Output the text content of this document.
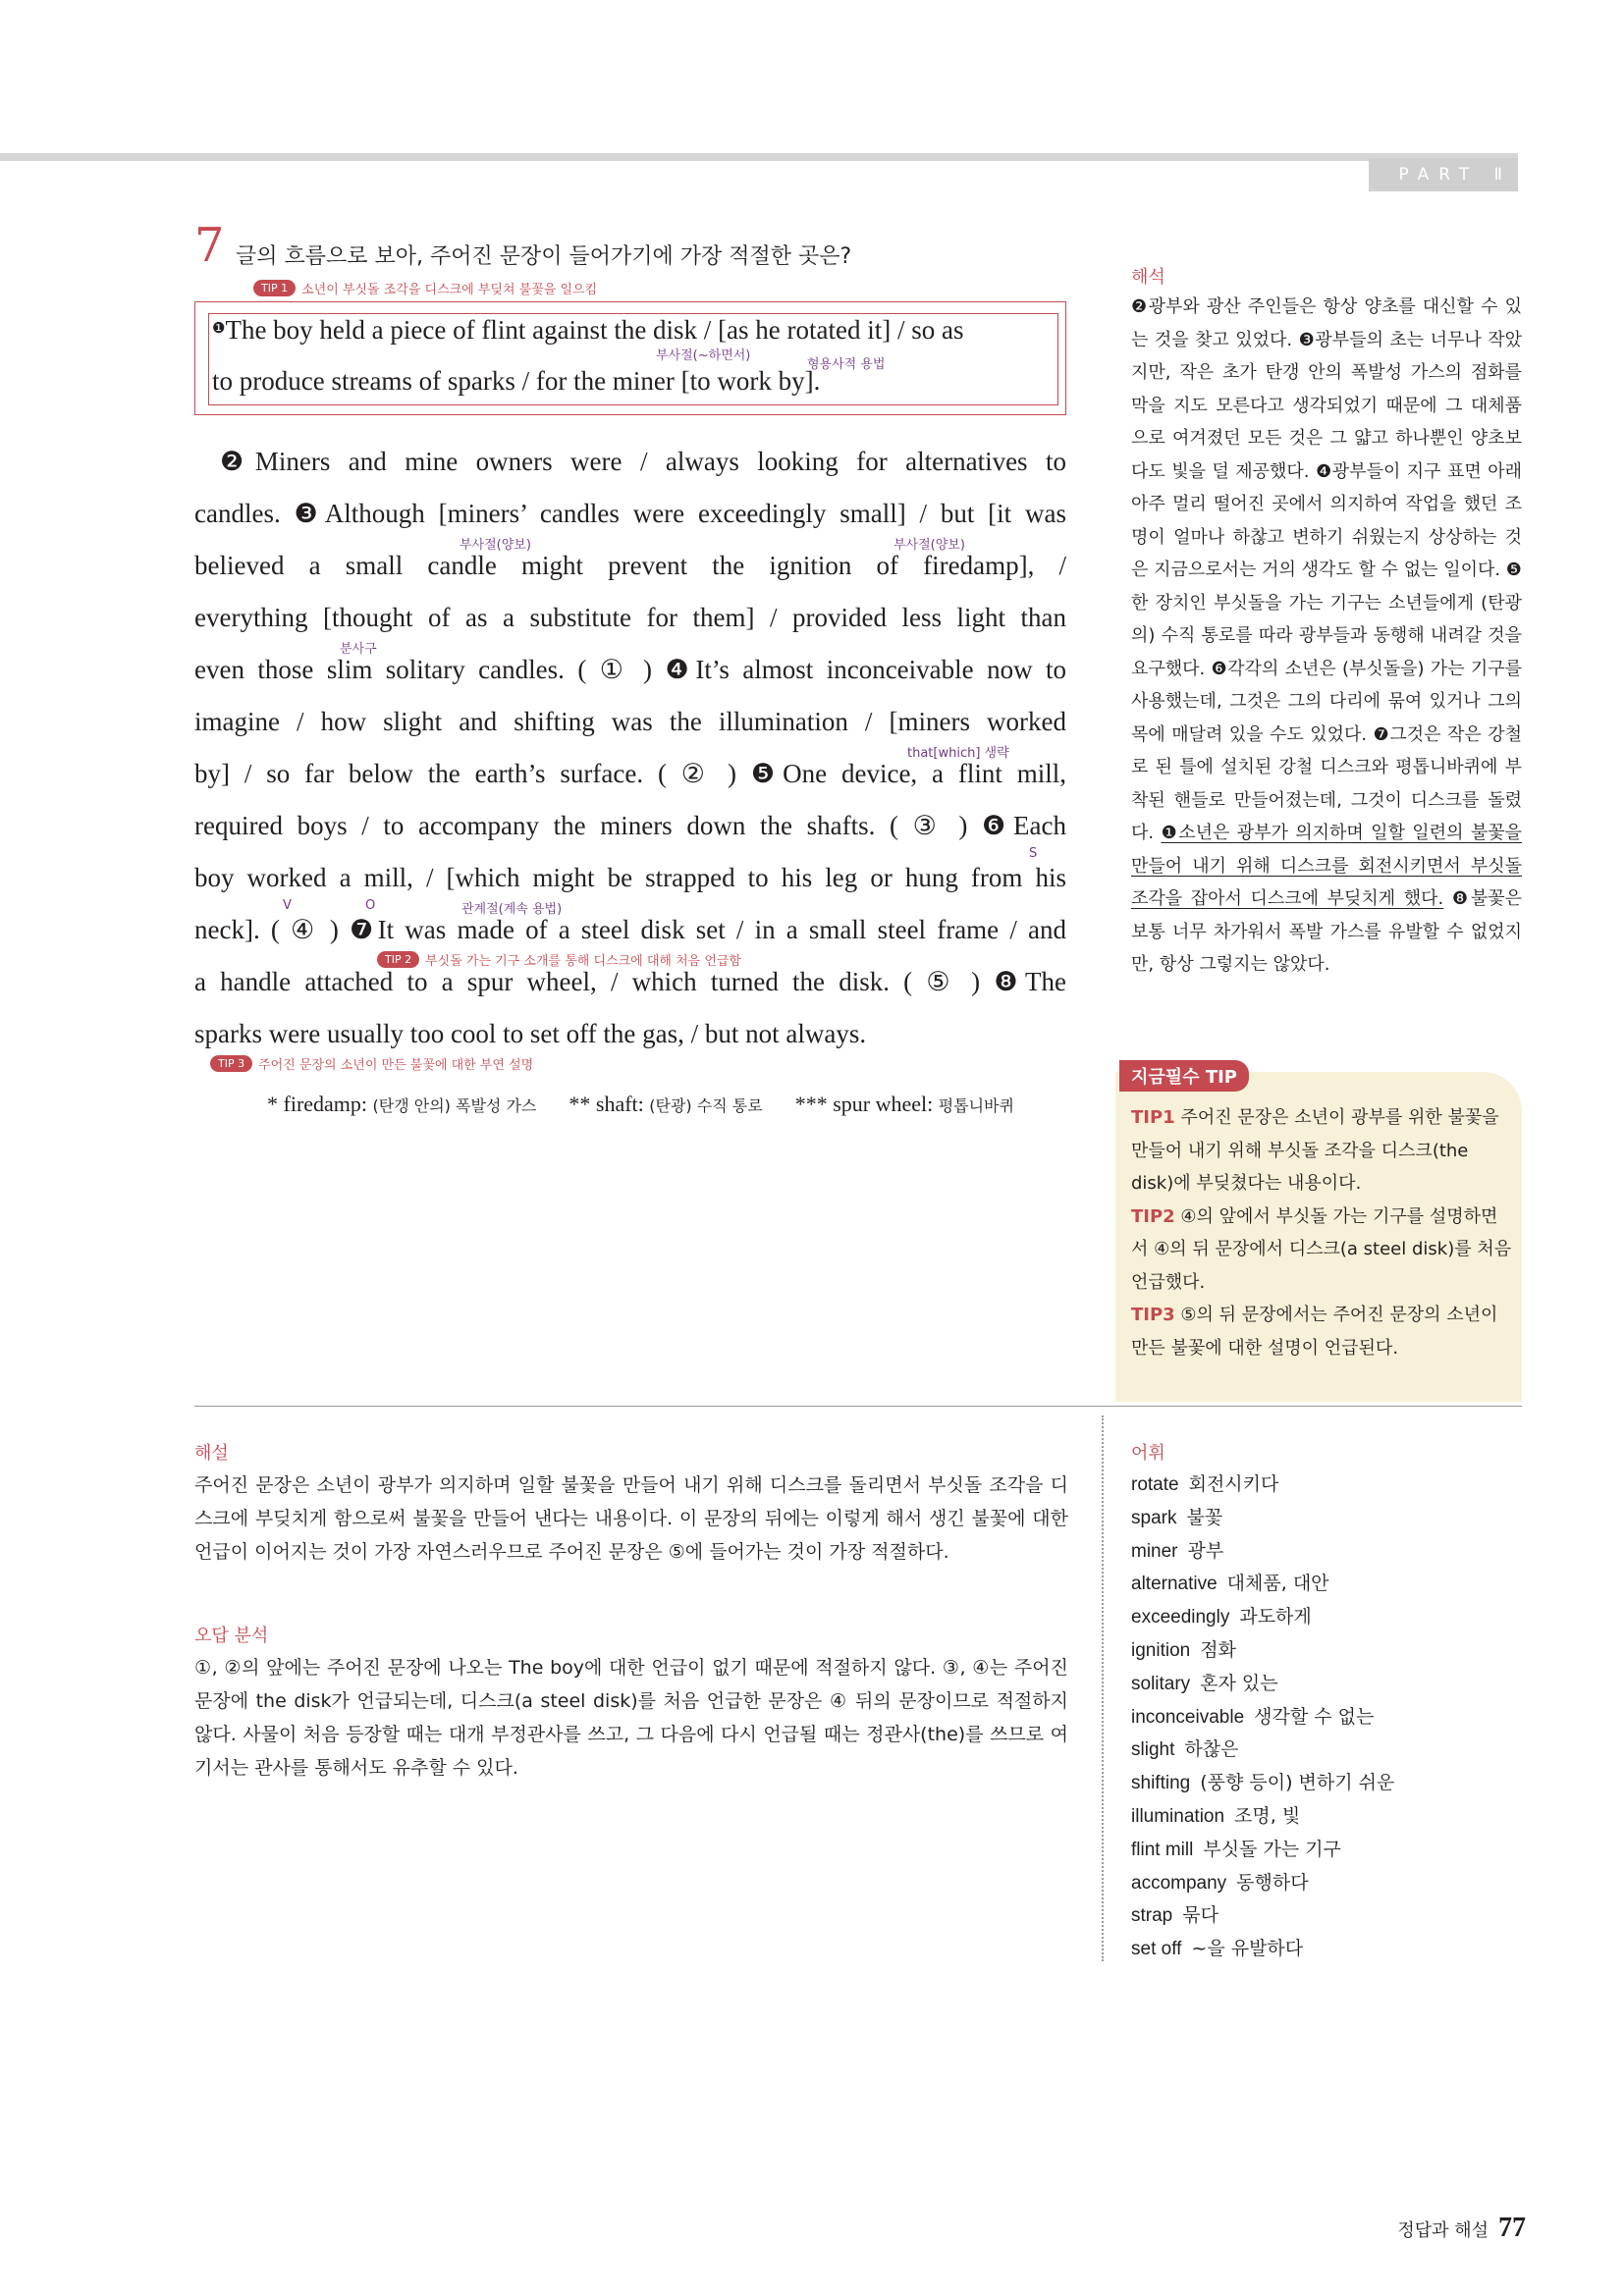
PART Ⅱ
7 글의 흐름으로 보아, 주어진 문장이 들어가기에 가장 적절한 곳은?
TIP 1	소년이 부싯돌 조각을 디스크에 부딪쳐 불꽃을 일으킴
$^❶$The boy held a piece of flint against the disk / [as he rotated it] / so as
부사절(~하면서)
형용사적 용법
to produce streams of sparks / for the miner [to work by].
❷Miners and mine owners were / always looking for alternatives to
candles. ❸Although [miners’ candles were exceedingly small] / but [it was
부사절(양보)	부사절(양보)
believed a small candle might prevent the ignition of firedamp], /
everything [thought of as a substitute for them] / provided less light than
분사구
even those slim solitary candles. ( ① ) ❹It’s almost inconceivable now to
imagine / how slight and shifting was the illumination / [miners worked
that[which] 생략
by] / so far below the earth’s surface. ( ② ) ❺One device, a flint mill,
required boys / to accompany the miners down the shafts. ( ③ ) ❻Each
S
boy worked a mill, / [which might be strapped to his leg or hung from his
V	O	관계절(계속 용법)
neck]. ( ④ ) ❼It was made of a steel disk set / in a small steel frame / and
TIP 2	부싯돌 가는 기구 소개를 통해 디스크에 대해 처음 언급함
a handle attached to a spur wheel, / which turned the disk. ( ⑤ ) ❽The
sparks were usually too cool to set off the gas, / but not always.
TIP 3	주어진 문장의 소년이 만든 불꽃에 대한 부연 설명
* firedamp: (탄갱 안의) 폭발성 가스 ** shaft: (탄광) 수직 통로 *** spur wheel: 평톱니바퀴
해석
❷광부와 광산 주인들은 항상 양초를 대신할 수 있는 것을 찾고 있었다. ❸광부들의 초는 너무나 작았지만, 작은 초가 탄갱 안의 폭발성 가스의 점화를 막을 지도 모른다고 생각되었기 때문에 그 대체품으로 여겨졌던 모든 것은 그 얇고 하나뿐인 양초보다도 빛을 덜 제공했다. ❹광부들이 지구 표면 아래 아주 멀리 떨어진 곳에서 의지하여 작업을 했던 조명이 얼마나 하찮고 변하기 쉬웠는지 상상하는 것은 지금으로서는 거의 생각도 할 수 없는 일이다. ❺한 장치인 부싯돌을 가는 기구는 소년들에게 (탄광의) 수직 통로를 따라 광부들과 동행해 내려갈 것을 요구했다. ❻각각의 소년은 (부싯돌을) 가는 기구를 사용했는데, 그것은 그의 다리에 묶여 있거나 그의 목에 매달려 있을 수도 있었다. ❼그것은 작은 강철로 된 틀에 설치된 강철 디스크와 평톱니바퀴에 부착된 핸들로 만들어졌는데, 그것이 디스크를 돌렸다. ❶소년은 광부가 의지하며 일할 일련의 불꽃을 만들어 내기 위해 디스크를 회전시키면서 부싯돌 조각을 잡아서 디스크에 부딪치게 했다. ❽불꽃은 보통 너무 차가워서 폭발 가스를 유발할 수 없었지만, 항상 그렇지는 않았다.
지금필수 TIP
TIP1 주어진 문장은 소년이 광부를 위한 불꽃을 만들어 내기 위해 부싯돌 조각을 디스크(the disk)에 부딪쳤다는 내용이다.
TIP2 ④의 앞에서 부싯돌 가는 기구를 설명하면서 ④의 뒤 문장에서 디스크(a steel disk)를 처음 언급했다.
TIP3 ⑤의 뒤 문장에서는 주어진 문장의 소년이 만든 불꽃에 대한 설명이 언급된다.
해설
주어진 문장은 소년이 광부가 의지하며 일할 불꽃을 만들어 내기 위해 디스크를 돌리면서 부싯돌 조각을 디스크에 부딪치게 함으로써 불꽃을 만들어 낸다는 내용이다. 이 문장의 뒤에는 이렇게 해서 생긴 불꽃에 대한 언급이 이어지는 것이 가장 자연스러우므로 주어진 문장은 ⑤에 들어가는 것이 가장 적절하다.
오답 분석
①, ②의 앞에는 주어진 문장에 나오는 The boy에 대한 언급이 없기 때문에 적절하지 않다. ③, ④는 주어진 문장에 the disk가 언급되는데, 디스크(a steel disk)를 처음 언급한 문장은 ④ 뒤의 문장이므로 적절하지 않다. 사물이 처음 등장할 때는 대개 부정관사를 쓰고, 그 다음에 다시 언급될 때는 정관사(the)를 쓰므로 여기서는 관사를 통해서도 유추할 수 있다.
어휘
rotate 회전시키다
spark 불꽃
miner 광부
alternative 대체품, 대안
exceedingly 과도하게
ignition 점화
solitary 혼자 있는
inconceivable 생각할 수 없는
slight 하찮은
shifting (풍향 등이) 변하기 쉬운
illumination 조명, 빛
flint mill 부싯돌 가는 기구
accompany 동행하다
strap 묶다
set off ~을 유발하다
정답과 해설 77
